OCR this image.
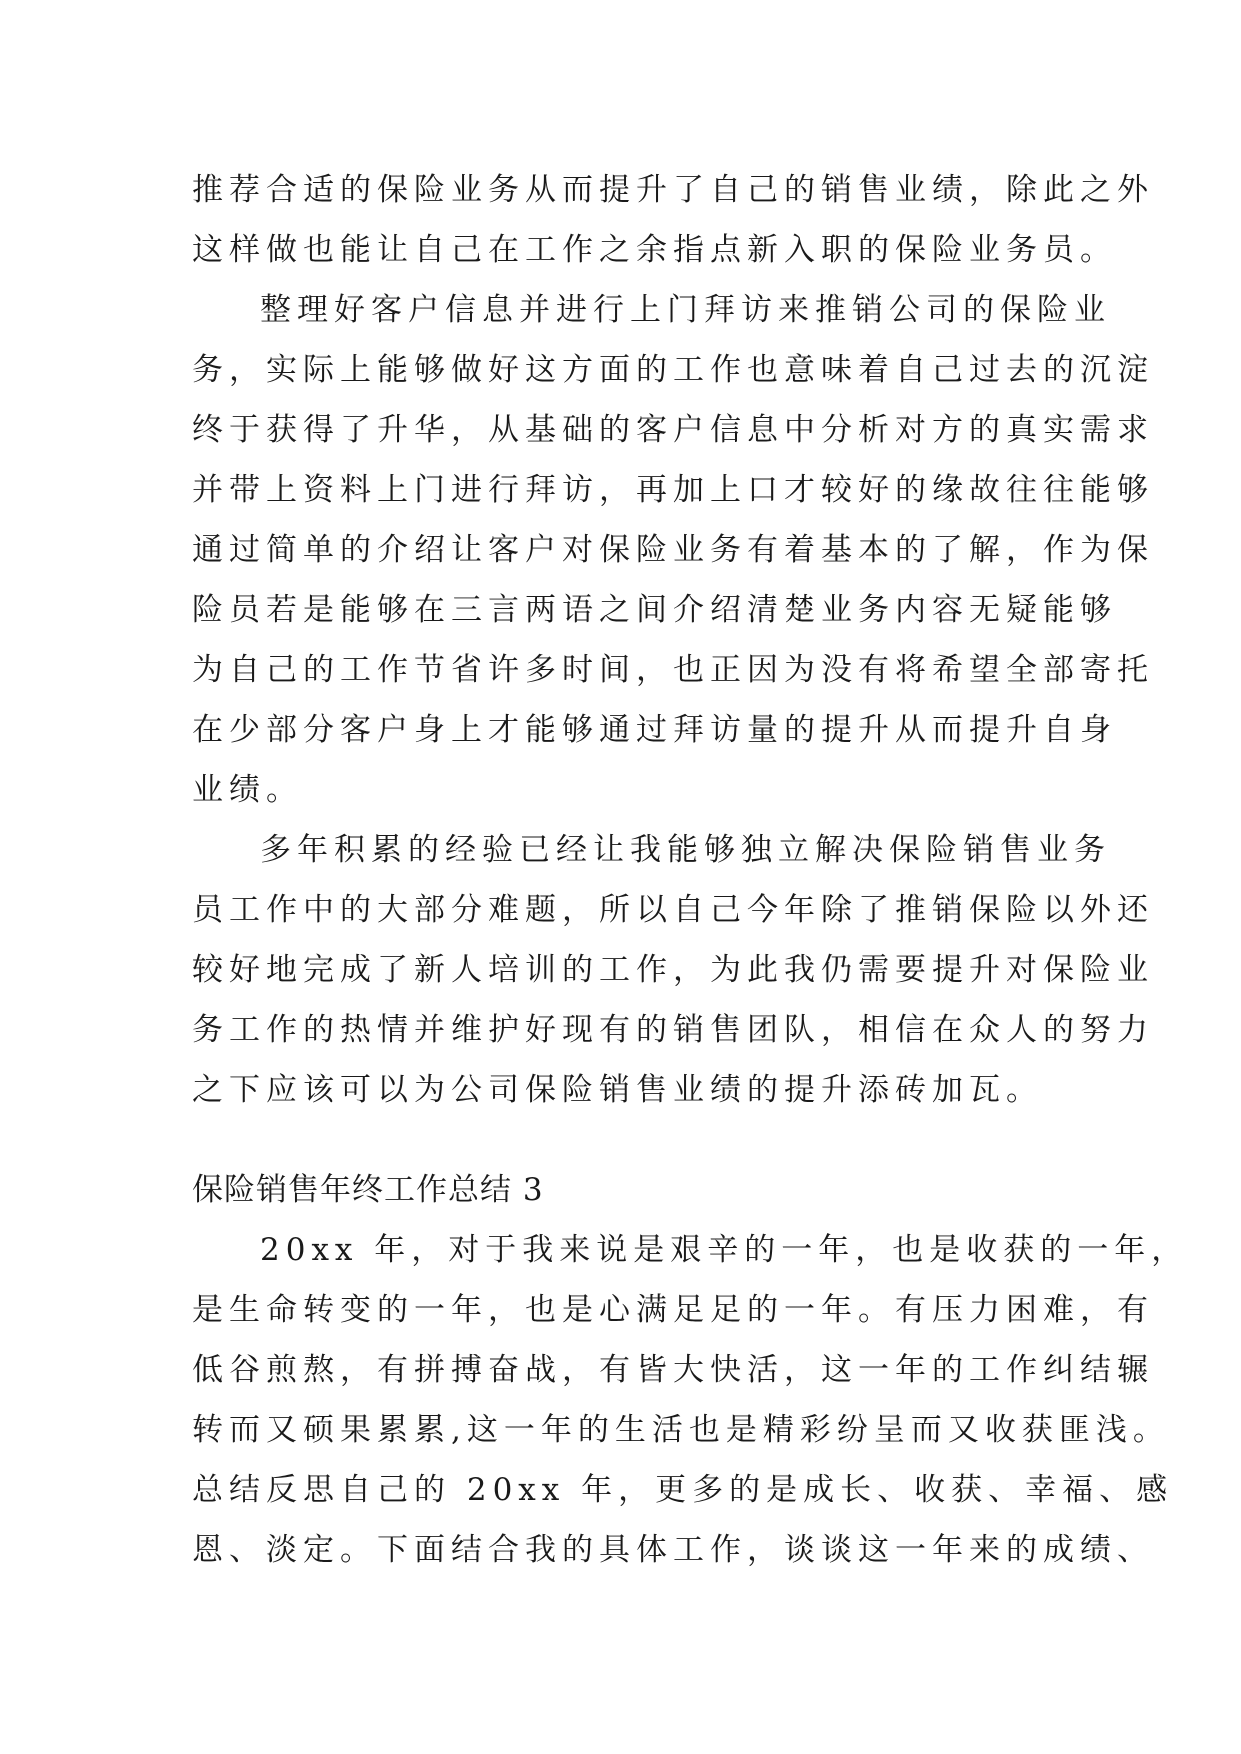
推荐合适的保险业务从而提升了自己的销售业绩，除此之外
这样做也能让自己在工作之余指点新入职的保险业务员。
整理好客户信息并进行上门拜访来推销公司的保险业
务，实际上能够做好这方面的工作也意味着自己过去的沉淀
终于获得了升华，从基础的客户信息中分析对方的真实需求
并带上资料上门进行拜访，再加上口才较好的缘故往往能够
通过简单的介绍让客户对保险业务有着基本的了解，作为保
险员若是能够在三言两语之间介绍清楚业务内容无疑能够
为自己的工作节省许多时间，也正因为没有将希望全部寄托
在少部分客户身上才能够通过拜访量的提升从而提升自身
业绩。
多年积累的经验已经让我能够独立解决保险销售业务
员工作中的大部分难题，所以自己今年除了推销保险以外还
较好地完成了新人培训的工作，为此我仍需要提升对保险业
务工作的热情并维护好现有的销售团队，相信在众人的努力
之下应该可以为公司保险销售业绩的提升添砖加瓦。
保险销售年终工作总结 3
20xx 年，对于我来说是艰辛的一年，也是收获的一年，
是生命转变的一年，也是心满足足的一年。有压力困难，有
低谷煎熬，有拼搏奋战，有皆大快活，这一年的工作纠结辗
转而又硕果累累,这一年的生活也是精彩纷呈而又收获匪浅。
总结反思自己的 20xx 年，更多的是成长、收获、幸福、感
恩、淡定。下面结合我的具体工作，谈谈这一年来的成绩、
